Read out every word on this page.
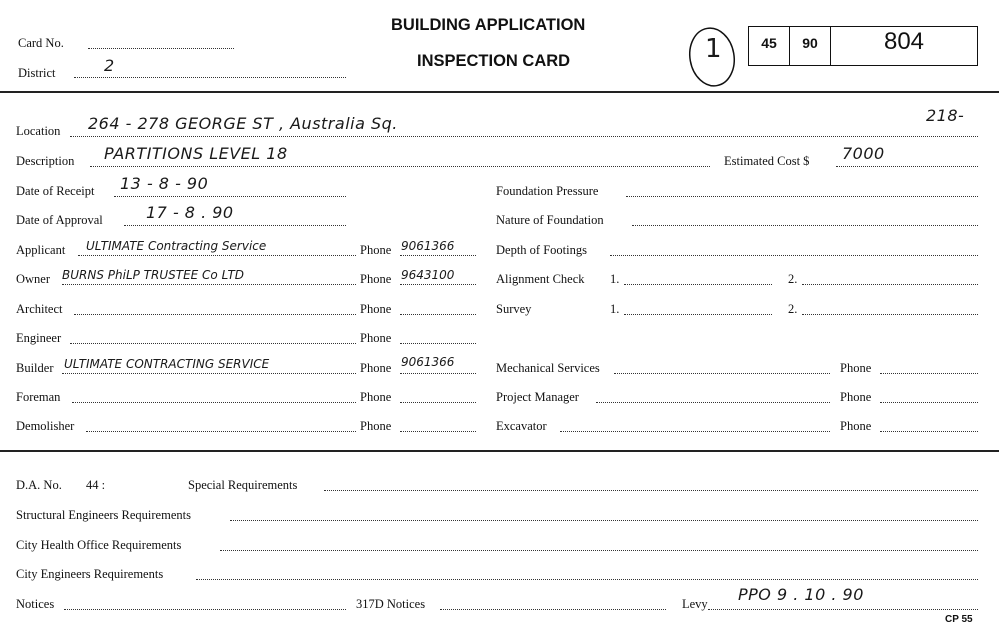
Card No.
District	2
BUILDING APPLICATION
INSPECTION CARD	1	45	90	804
Location 264 - 278 GEORGE ST , Australia Sq.	218-
Description PARTITIONS LEVEL 18	Estimated Cost $ 7000
Date of Receipt 13 - 8 - 90
Date of Approval	17 - 8 . 90
Applicant ULTIMATE Contracting Service	Phone 9061366
Owner BURNS PhiLP TRUSTEE Co LTD	Phone 9643100
Architect	Phone
Engineer	Phone
Builder ULTIMATE CONTRACTING SERVICE	Phone 9061366
Foreman	Phone
Demolisher	Phone
Foundation Pressure
Nature of Foundation
Depth of Footings
Alignment Check 1.	2.
Survey	1.	2.
Mechanical Services	Phone
Project Manager	Phone
Excavator	Phone
D.A. No. 44 :	Special Requirements
Structural Engineers Requirements
City Health Office Requirements
City Engineers Requirements
Notices	317D Notices	Levy PPO 9 . 10 . 90
CP 55
